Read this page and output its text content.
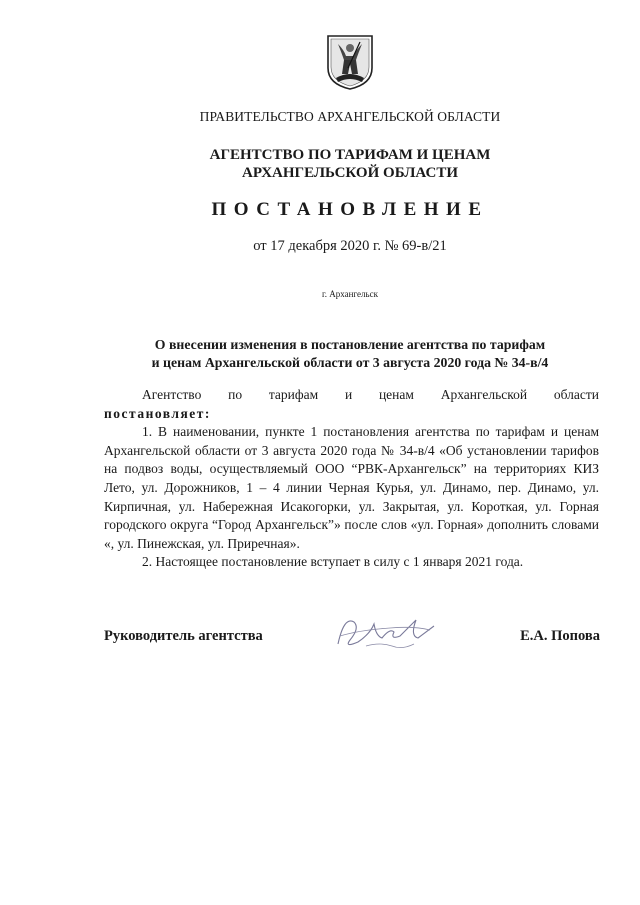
ПРАВИТЕЛЬСТВО АРХАНГЕЛЬСКОЙ ОБЛАСТИ
АГЕНТСТВО ПО ТАРИФАМ И ЦЕНАМ
АРХАНГЕЛЬСКОЙ ОБЛАСТИ
ПОСТАНОВЛЕНИЕ
от 17 декабря 2020 г. № 69-в/21
г. Архангельск
О внесении изменения в постановление агентства по тарифам
и ценам Архангельской области от 3 августа 2020 года № 34-в/4

Агентство по тарифам и ценам Архангельской области

постановляет:

1. В наименовании, пункте 1 постановления агентства по тарифам и ценам Архангельской области от 3 августа 2020 года № 34-в/4 «Об установлении тарифов на подвоз воды, осуществляемый ООО “РВК-Архангельск” на территориях КИЗ Лето, ул. Дорожников, 1 – 4 линии Черная Курья, ул. Динамо, пер. Динамо, ул. Кирпичная, ул. Набережная Исакогорки, ул. Закрытая, ул. Короткая, ул. Горная городского округа “Город Архангельск”» после слов «ул. Горная» дополнить словами «, ул. Пинежская, ул. Приречная».

2. Настоящее постановление вступает в силу с 1 января 2021 года.

Руководитель агентства	Е.А. Попова
